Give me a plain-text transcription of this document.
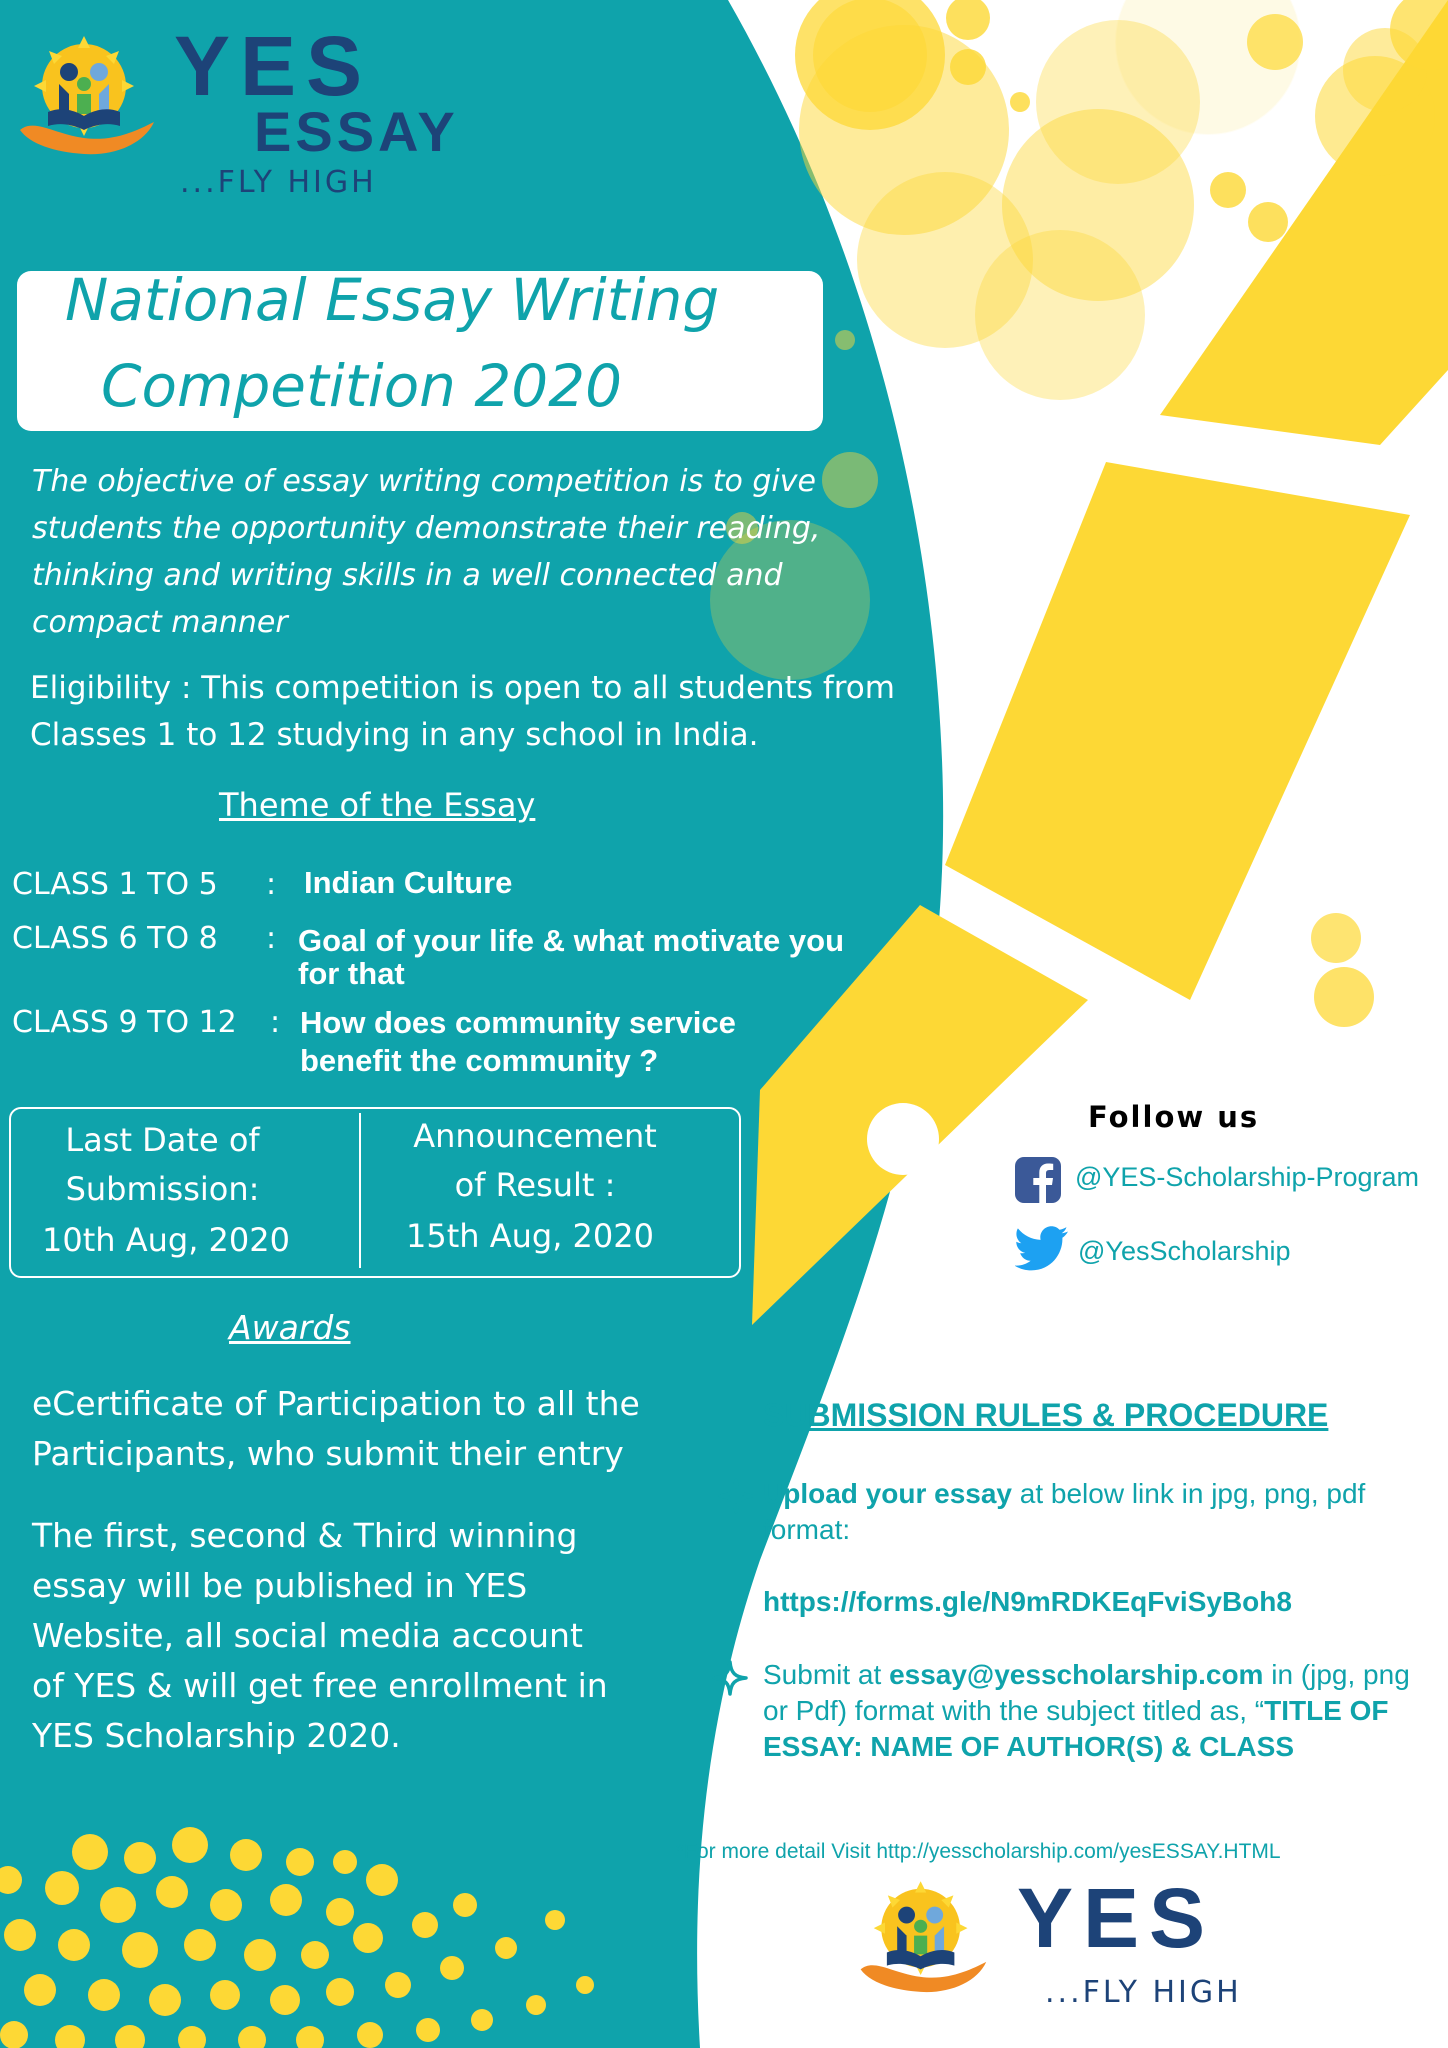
YES
ESSAY
...FLY HIGH
National Essay Writing
Competition 2020
The objective of essay writing competition is to give students the opportunity demonstrate their reading, thinking and writing skills in a well connected and compact manner
Eligibility : This competition is open to all students from Classes 1 to 12 studying in any school in India.
Theme of the Essay
CLASS 1 TO 5 : Indian Culture
CLASS 6 TO 8 : Goal of your life & what motivate you for that
CLASS 9 TO 12 : How does community service benefit the community ?
Last Date of Submission:
10th Aug, 2020
Announcement of Result :
15th Aug, 2020
Awards
eCertificate of Participation to all the Participants, who submit their entry
The first, second & Third winning essay will be published in YES Website, all social media account of YES & will get free enrollment in YES Scholarship 2020.
Follow us
@YES-Scholarship-Program
@YesScholarship
SUBMISSION RULES & PROCEDURE
Upload your essay at below link in jpg, png, pdf format:
https://forms.gle/N9mRDKEqFviSyBoh8
Submit at essay@yesscholarship.com in (jpg, png or Pdf) format with the subject titled as, “TITLE OF ESSAY: NAME OF AUTHOR(S) & CLASS
*For more detail Visit http://yesscholarship.com/yesESSAY.HTML
YES
...FLY HIGH
